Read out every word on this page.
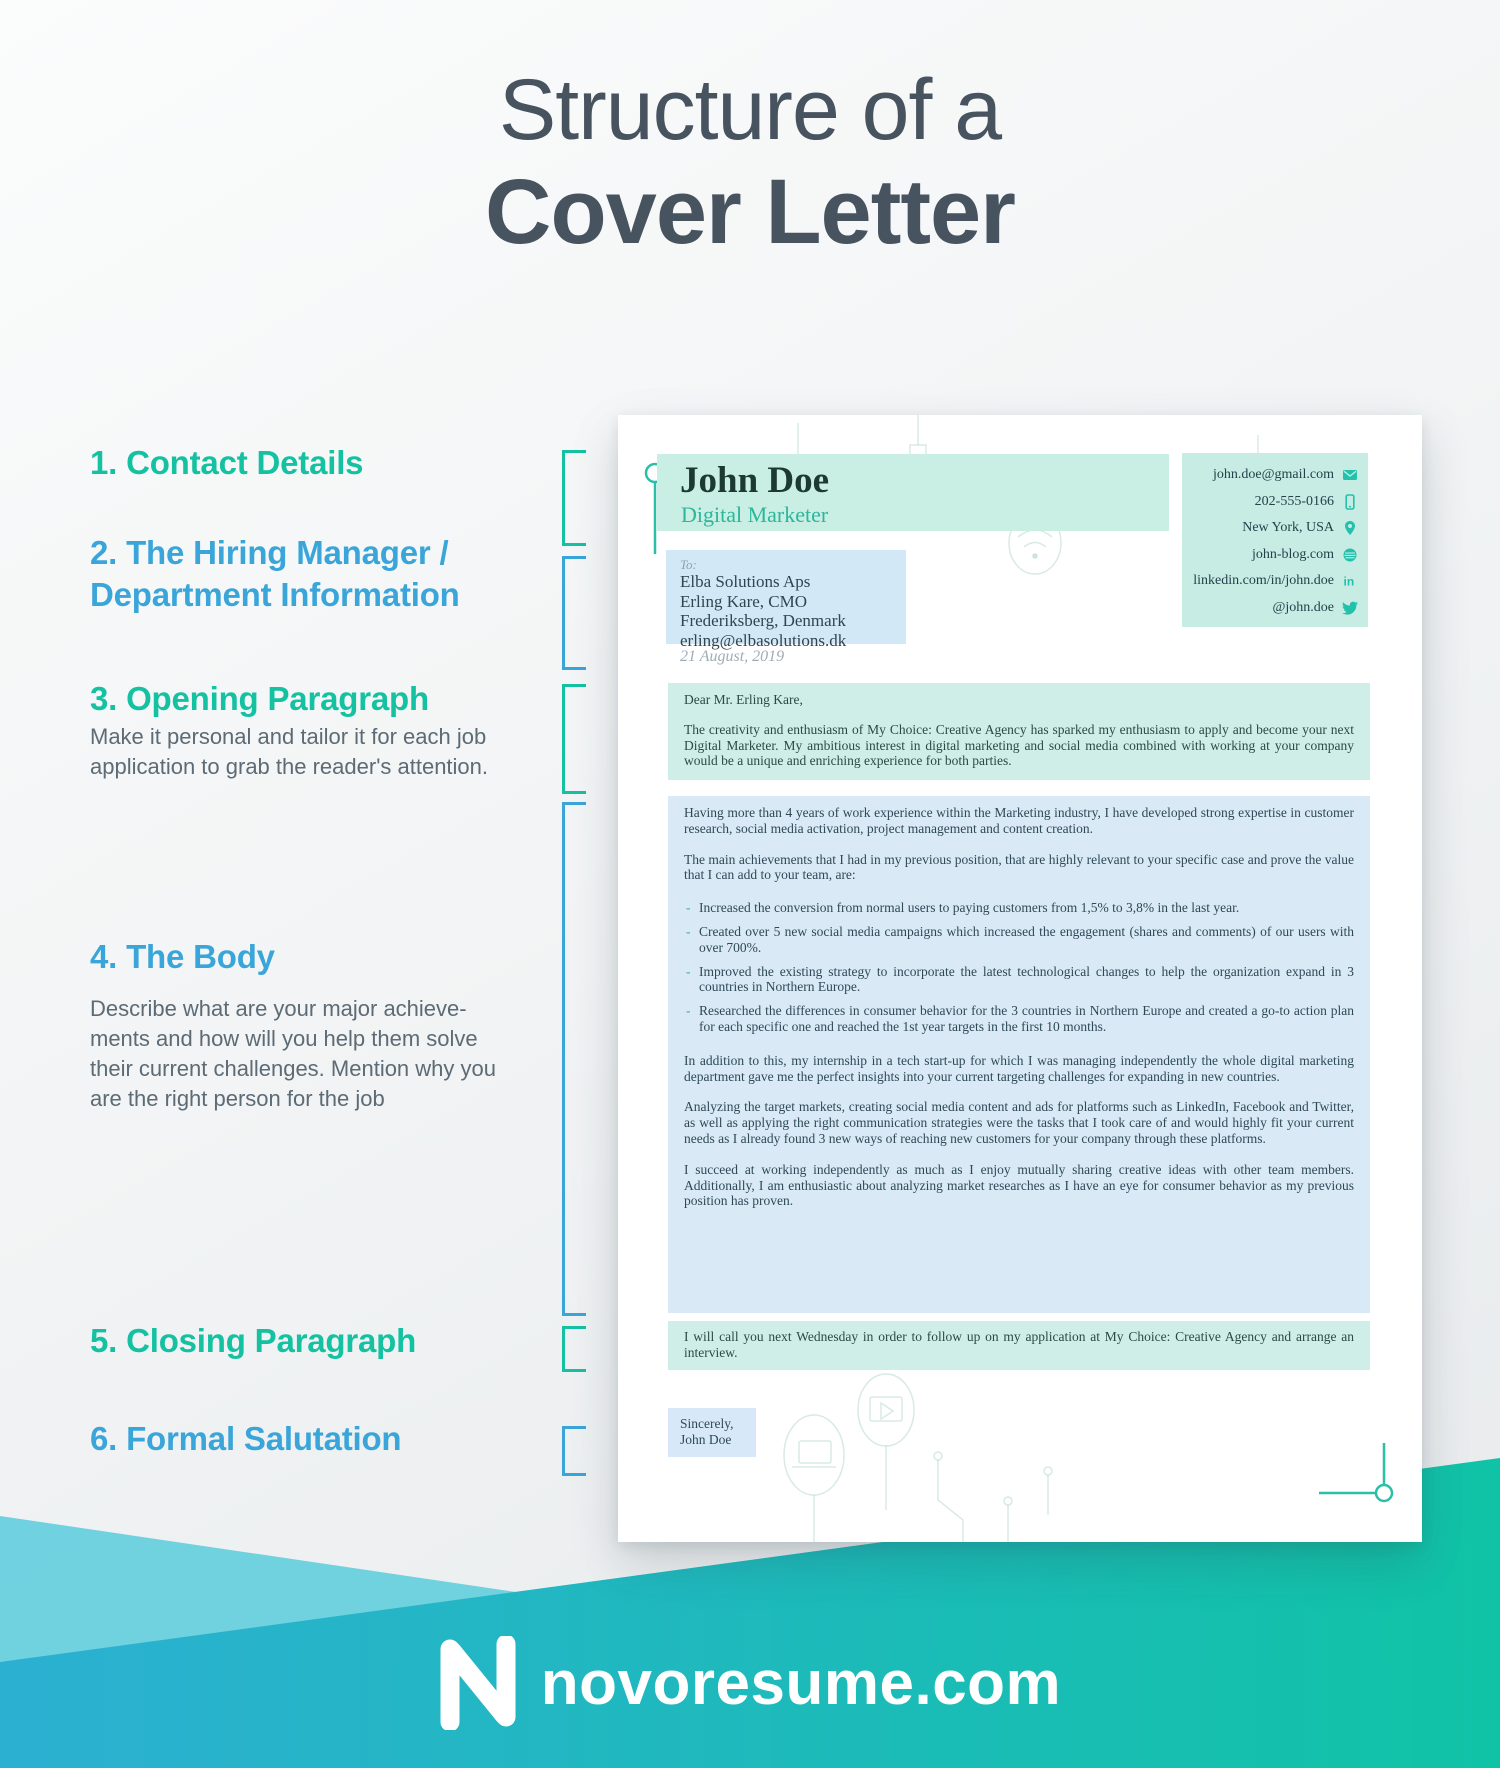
Structure of a
Cover Letter
1. Contact Details
2. The Hiring Manager / Department Information
3. Opening Paragraph
Make it personal and tailor it for each job application to grab the reader's attention.
4. The Body
Describe what are your major achieve-ments and how will you help them solve their current challenges. Mention why you are the right person for the job
5. Closing Paragraph
6. Formal Salutation
novoresume.com
John Doe
Digital Marketer
john.doe@gmail.com
202-555-0166
New York, USA
john-blog.com
linkedin.com/in/john.doe in
@john.doe
To:
Elba Solutions Aps
Erling Kare, CMO
Frederiksberg, Denmark
erling@elbasolutions.dk
21 August, 2019

Dear Mr. Erling Kare,

The creativity and enthusiasm of My Choice: Creative Agency has sparked my enthusiasm to apply and become your next Digital Marketer. My ambitious interest in digital marketing and social media combined with working at your company would be a unique and enriching experience for both parties.

Having more than 4 years of work experience within the Marketing industry, I have developed strong expertise in customer research, social media activation, project management and content creation.

The main achievements that I had in my previous position, that are highly relevant to your specific case and prove the value that I can add to your team, are:

- Increased the conversion from normal users to paying customers from 1,5% to 3,8% in the last year.
- Created over 5 new social media campaigns which increased the engagement (shares and comments) of our users with over 700%.
- Improved the existing strategy to incorporate the latest technological changes to help the organization expand in 3 countries in Northern Europe.
- Researched the differences in consumer behavior for the 3 countries in Northern Europe and created a go-to action plan for each specific one and reached the 1st year targets in the first 10 months.

In addition to this, my internship in a tech start-up for which I was managing independently the whole digital marketing department gave me the perfect insights into your current targeting challenges for expanding in new countries.

Analyzing the target markets, creating social media content and ads for platforms such as LinkedIn, Facebook and Twitter, as well as applying the right communication strategies were the tasks that I took care of and would highly fit your current needs as I already found 3 new ways of reaching new customers for your company through these platforms.

I succeed at working independently as much as I enjoy mutually sharing creative ideas with other team members. Additionally, I am enthusiastic about analyzing market researches as I have an eye for consumer behavior as my previous position has proven.

I will call you next Wednesday in order to follow up on my application at My Choice: Creative Agency and arrange an interview.

Sincerely,
John Doe
